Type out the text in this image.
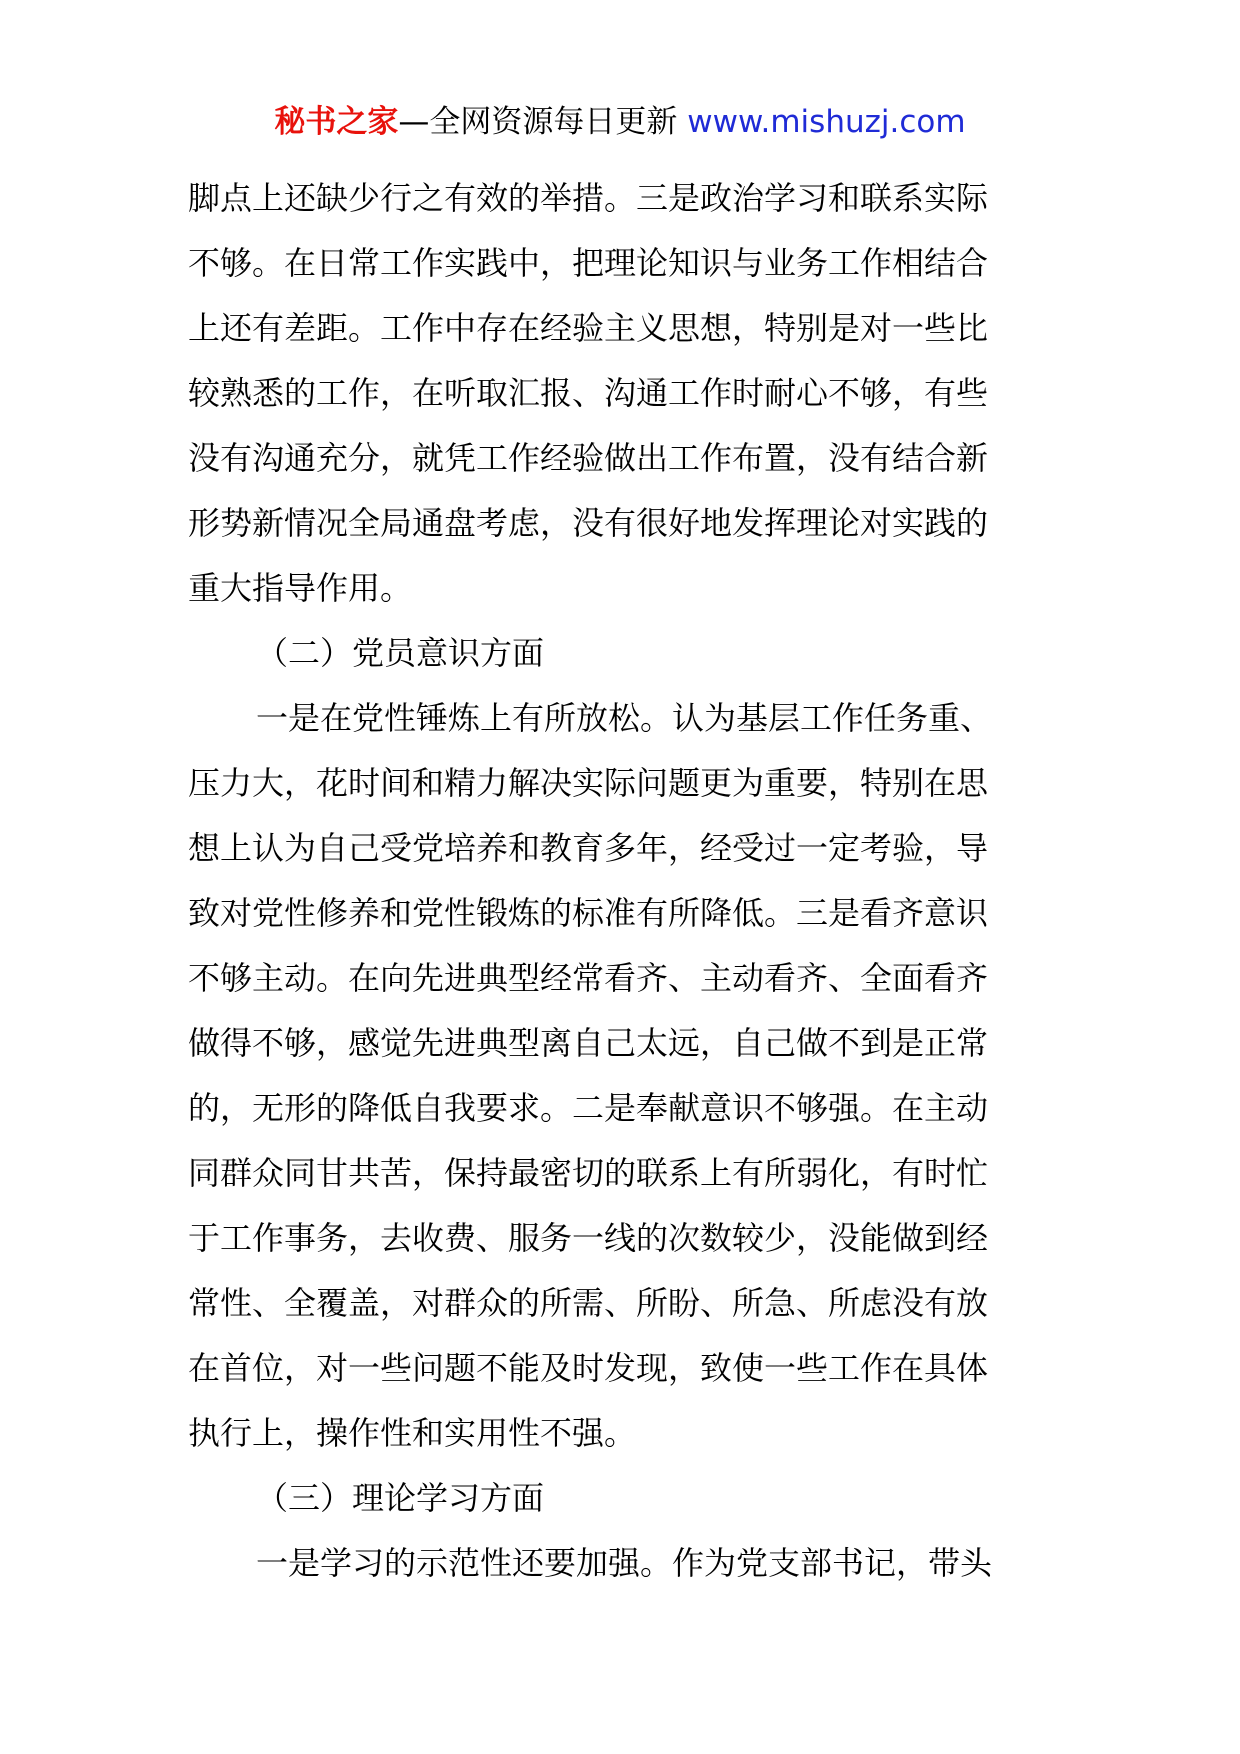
秘书之家—全网资源每日更新 www.mishuzj.com
脚点上还缺少行之有效的举措。三是政治学习和联系实际
不够。在日常工作实践中，把理论知识与业务工作相结合
上还有差距。工作中存在经验主义思想，特别是对一些比
较熟悉的工作，在听取汇报、沟通工作时耐心不够，有些
没有沟通充分，就凭工作经验做出工作布置，没有结合新
形势新情况全局通盘考虑，没有很好地发挥理论对实践的
重大指导作用。
（二）党员意识方面
一是在党性锤炼上有所放松。认为基层工作任务重、
压力大，花时间和精力解决实际问题更为重要，特别在思
想上认为自己受党培养和教育多年，经受过一定考验，导
致对党性修养和党性锻炼的标准有所降低。三是看齐意识
不够主动。在向先进典型经常看齐、主动看齐、全面看齐
做得不够，感觉先进典型离自己太远，自己做不到是正常
的，无形的降低自我要求。二是奉献意识不够强。在主动
同群众同甘共苦，保持最密切的联系上有所弱化，有时忙
于工作事务，去收费、服务一线的次数较少，没能做到经
常性、全覆盖，对群众的所需、所盼、所急、所虑没有放
在首位，对一些问题不能及时发现，致使一些工作在具体
执行上，操作性和实用性不强。
（三）理论学习方面
一是学习的示范性还要加强。作为党支部书记，带头
